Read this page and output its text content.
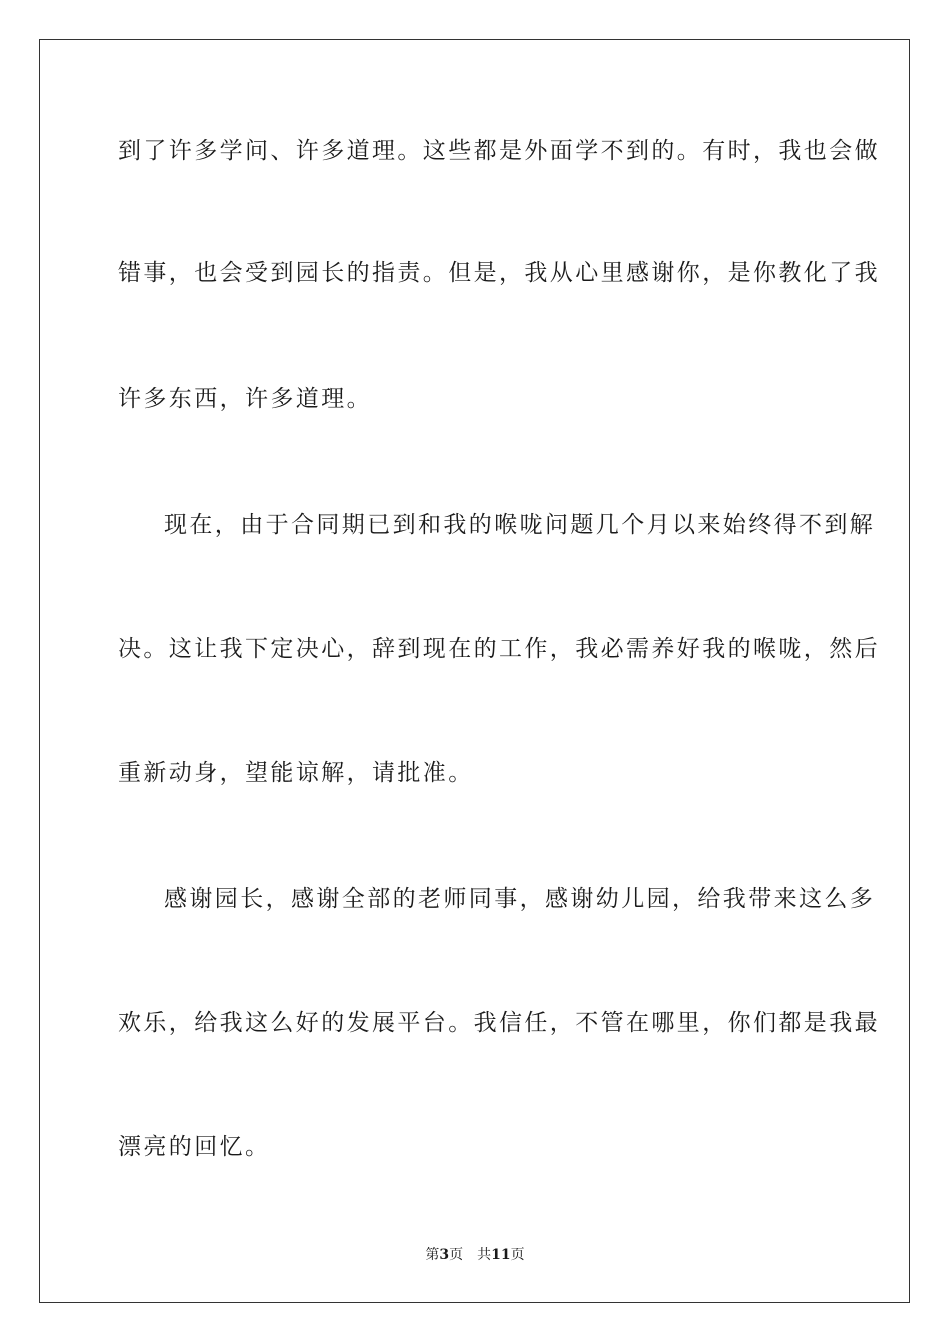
到了许多学问、许多道理。这些都是外面学不到的。有时，我也会做
错事，也会受到园长的指责。但是，我从心里感谢你，是你教化了我
许多东西，许多道理。
现在，由于合同期已到和我的喉咙问题几个月以来始终得不到解
决。这让我下定决心，辞到现在的工作，我必需养好我的喉咙，然后
重新动身，望能谅解，请批准。
感谢园长，感谢全部的老师同事，感谢幼儿园，给我带来这么多
欢乐，给我这么好的发展平台。我信任，不管在哪里，你们都是我最
漂亮的回忆。
第3页 共11页
